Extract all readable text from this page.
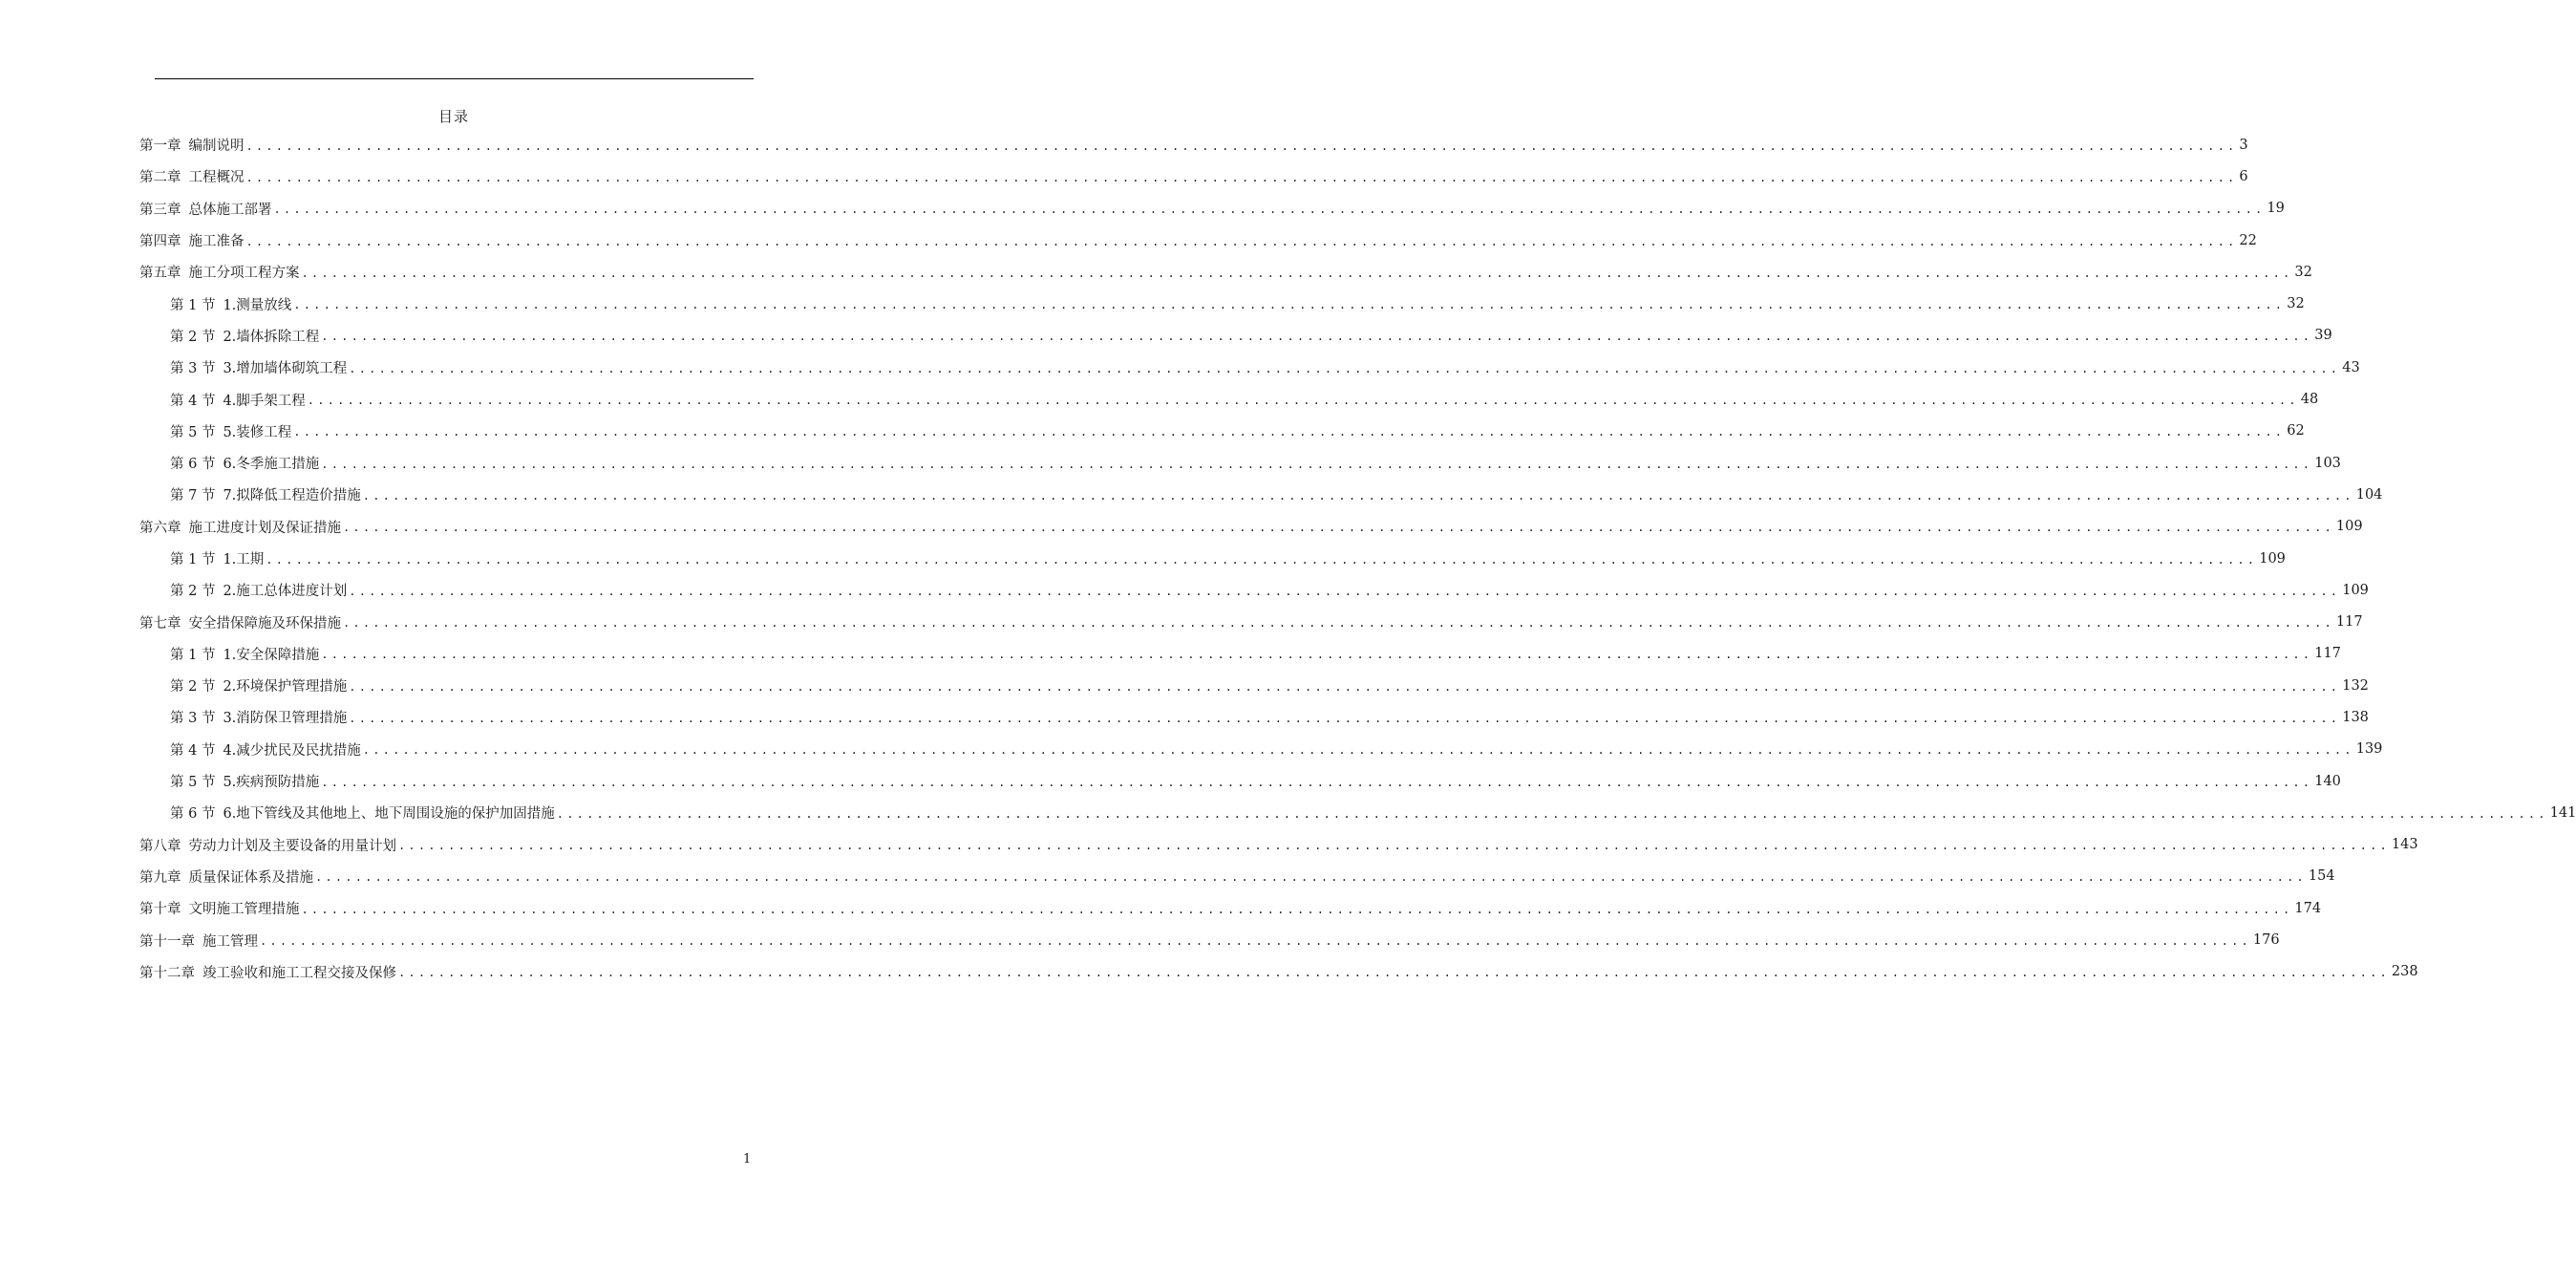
目录
第一章 编制说明 ........................................................................................................................................................................................................ 3
第二章 工程概况 ........................................................................................................................................................................................................ 6
第三章 总体施工部署 ........................................................................................................................................................................................................ 19
第四章 施工准备 ........................................................................................................................................................................................................ 22
第五章 施工分项工程方案 ........................................................................................................................................................................................................ 32
第 1 节 1.测量放线 ........................................................................................................................................................................................................ 32
第 2 节 2.墙体拆除工程 ........................................................................................................................................................................................................ 39
第 3 节 3.增加墙体砌筑工程 ........................................................................................................................................................................................................ 43
第 4 节 4.脚手架工程 ........................................................................................................................................................................................................ 48
第 5 节 5.装修工程 ........................................................................................................................................................................................................ 62
第 6 节 6.冬季施工措施 ........................................................................................................................................................................................................ 103
第 7 节 7.拟降低工程造价措施 ........................................................................................................................................................................................................ 104
第六章 施工进度计划及保证措施 ........................................................................................................................................................................................................ 109
第 1 节 1.工期 ........................................................................................................................................................................................................ 109
第 2 节 2.施工总体进度计划 ........................................................................................................................................................................................................ 109
第七章 安全措保障施及环保措施 ........................................................................................................................................................................................................ 117
第 1 节 1.安全保障措施 ........................................................................................................................................................................................................ 117
第 2 节 2.环境保护管理措施 ........................................................................................................................................................................................................ 132
第 3 节 3.消防保卫管理措施 ........................................................................................................................................................................................................ 138
第 4 节 4.减少扰民及民扰措施 ........................................................................................................................................................................................................ 139
第 5 节 5.疾病预防措施 ........................................................................................................................................................................................................ 140
第 6 节 6.地下管线及其他地上、地下周围设施的保护加固措施 ........................................................................................................................................................................................................ 141
第八章 劳动力计划及主要设备的用量计划 ........................................................................................................................................................................................................ 143
第九章 质量保证体系及措施 ........................................................................................................................................................................................................ 154
第十章 文明施工管理措施 ........................................................................................................................................................................................................ 174
第十一章 施工管理 ........................................................................................................................................................................................................ 176
第十二章 竣工验收和施工工程交接及保修 ........................................................................................................................................................................................................ 238
1
